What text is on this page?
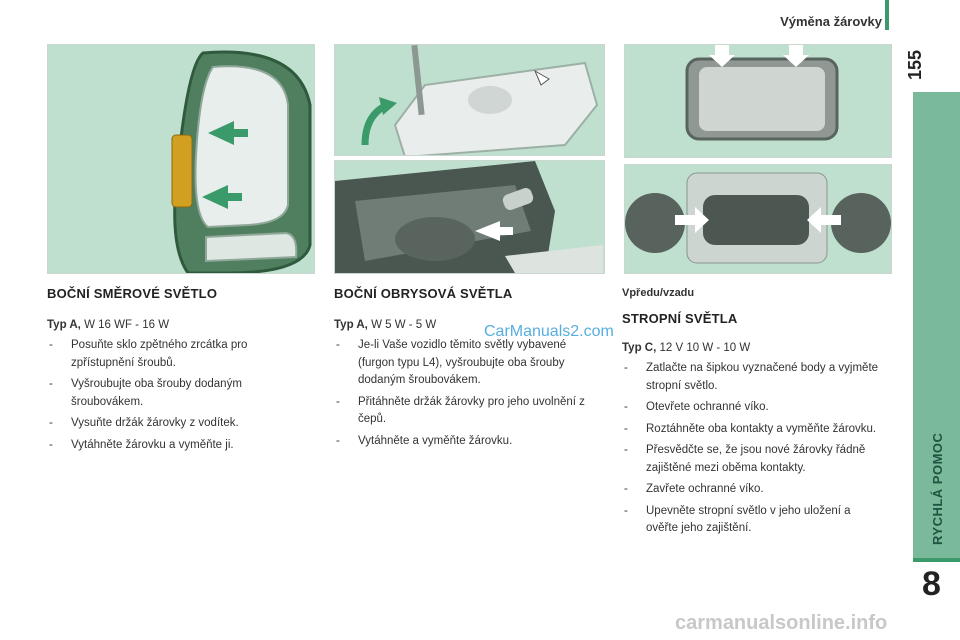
Výměna žárovky
155
RYCHLÁ POMOC
8
BOČNÍ SMĚROVÉ SVĚTLO
Typ A, W 16 WF - 16 W
- Posuňte sklo zpětného zrcátka pro zpřístupnění šroubů.
- Vyšroubujte oba šrouby dodaným šroubovákem.
- Vysuňte držák žárovky z vodítek.
- Vytáhněte žárovku a vyměňte ji.
BOČNÍ OBRYSOVÁ SVĚTLA
Typ A, W 5 W - 5 W
- Je-li Vaše vozidlo těmito světly vybavené (furgon typu L4), vyšroubujte oba šrouby dodaným šroubovákem.
- Přitáhněte držák žárovky pro jeho uvolnění z čepů.
- Vytáhněte a vyměňte žárovku.
Vpředu/vzadu
STROPNÍ SVĚTLA
Typ C, 12 V 10 W - 10 W
- Zatlačte na šipkou vyznačené body a vyjměte stropní světlo.
- Otevřete ochranné víko.
- Roztáhněte oba kontakty a vyměňte žárovku.
- Přesvědčte se, že jsou nové žárovky řádně zajištěné mezi oběma kontakty.
- Zavřete ochranné víko.
- Upevněte stropní světlo v jeho uložení a ověřte jeho zajištění.
CarManuals2.com
carmanualsonline.info
